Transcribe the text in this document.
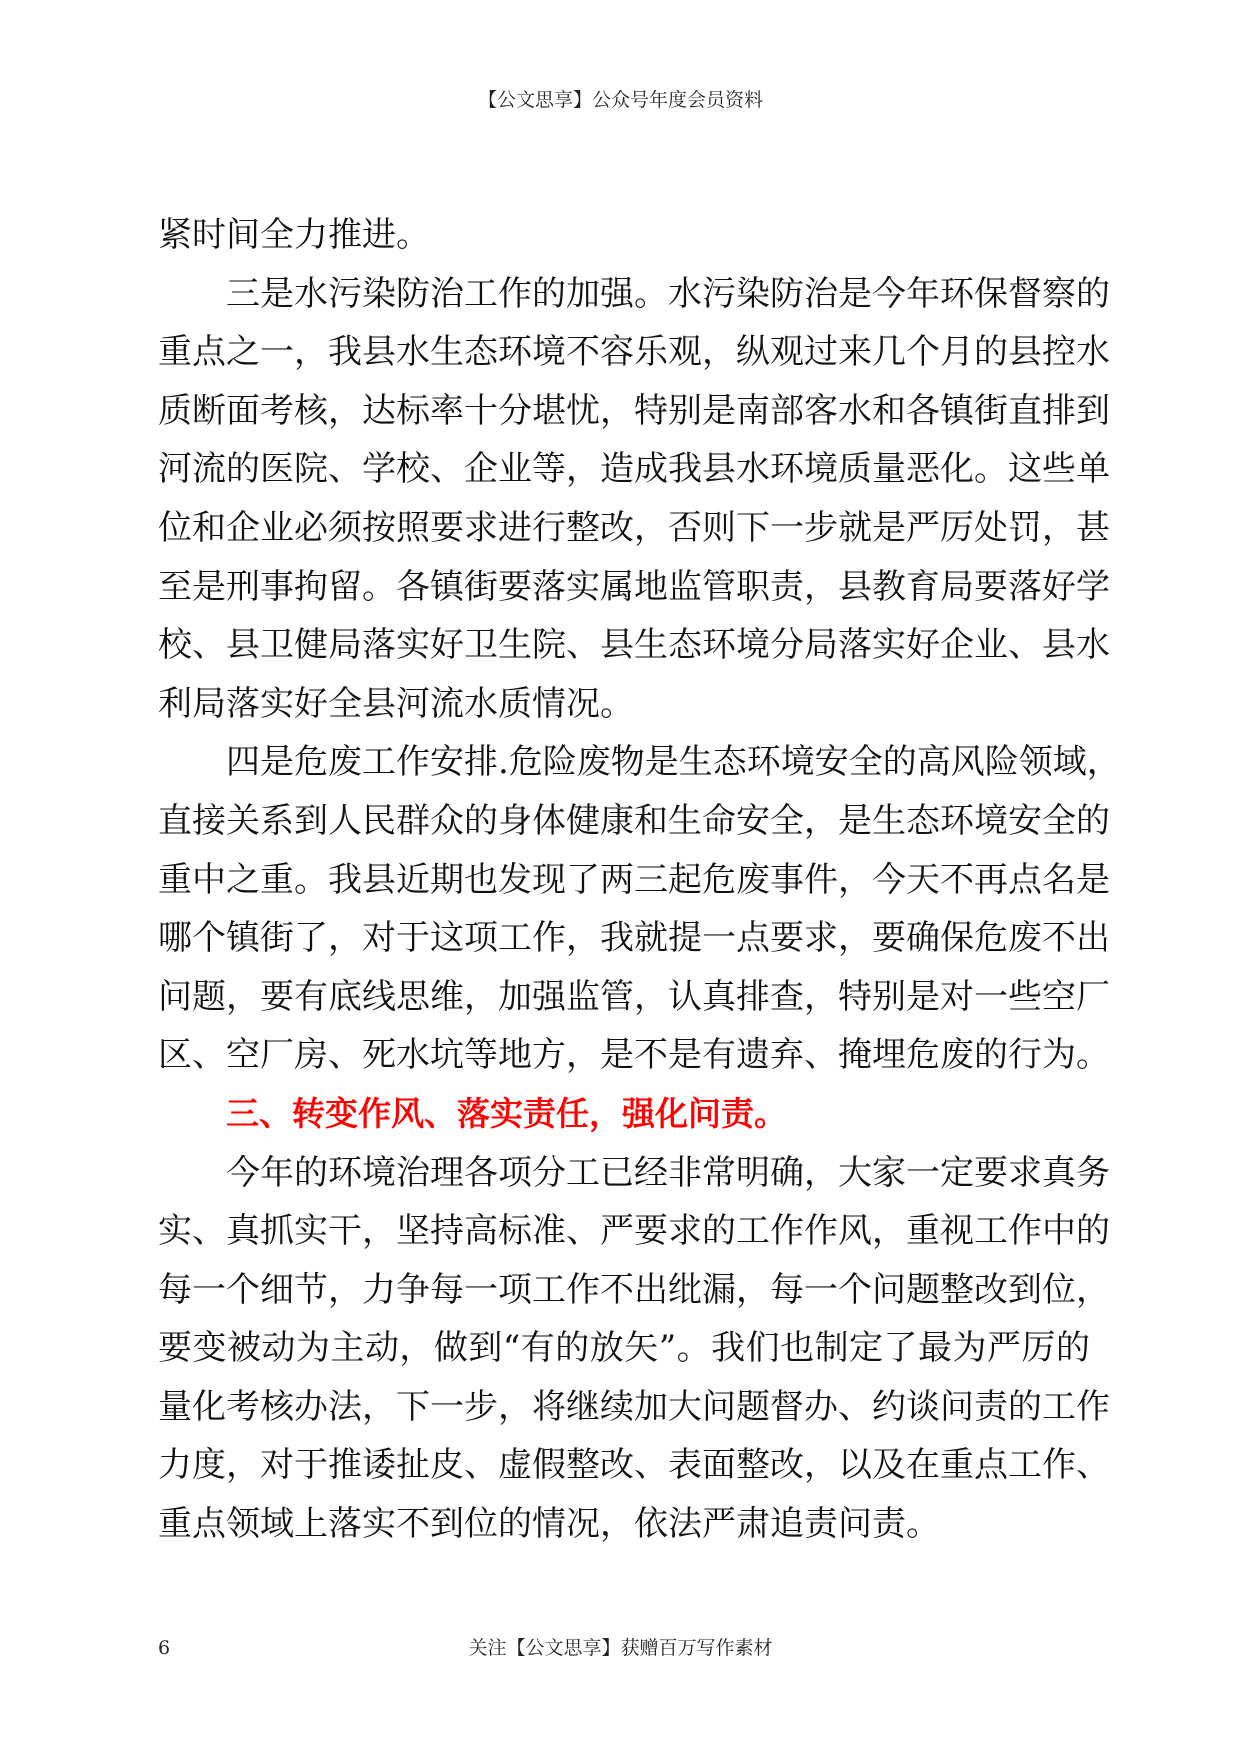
【公文思享】公众号年度会员资料
紧时间全力推进。
三是水污染防治工作的加强。水污染防治是今年环保督察的
重点之一，我县水生态环境不容乐观，纵观过来几个月的县控水
质断面考核，达标率十分堪忧，特别是南部客水和各镇街直排到
河流的医院、学校、企业等，造成我县水环境质量恶化。这些单
位和企业必须按照要求进行整改，否则下一步就是严厉处罚，甚
至是刑事拘留。各镇街要落实属地监管职责，县教育局要落好学
校、县卫健局落实好卫生院、县生态环境分局落实好企业、县水
利局落实好全县河流水质情况。
四是危废工作安排.危险废物是生态环境安全的高风险领域，
直接关系到人民群众的身体健康和生命安全，是生态环境安全的
重中之重。我县近期也发现了两三起危废事件，今天不再点名是
哪个镇街了，对于这项工作，我就提一点要求，要确保危废不出
问题，要有底线思维，加强监管，认真排查，特别是对一些空厂
区、空厂房、死水坑等地方，是不是有遗弃、掩埋危废的行为。
三、转变作风、落实责任，强化问责。
今年的环境治理各项分工已经非常明确，大家一定要求真务
实、真抓实干，坚持高标准、严要求的工作作风，重视工作中的
每一个细节，力争每一项工作不出纰漏，每一个问题整改到位，
要变被动为主动，做到“有的放矢”。我们也制定了最为严厉的
量化考核办法，下一步，将继续加大问题督办、约谈问责的工作
力度，对于推诿扯皮、虚假整改、表面整改，以及在重点工作、
重点领域上落实不到位的情况，依法严肃追责问责。
6	关注【公文思享】获赠百万写作素材
